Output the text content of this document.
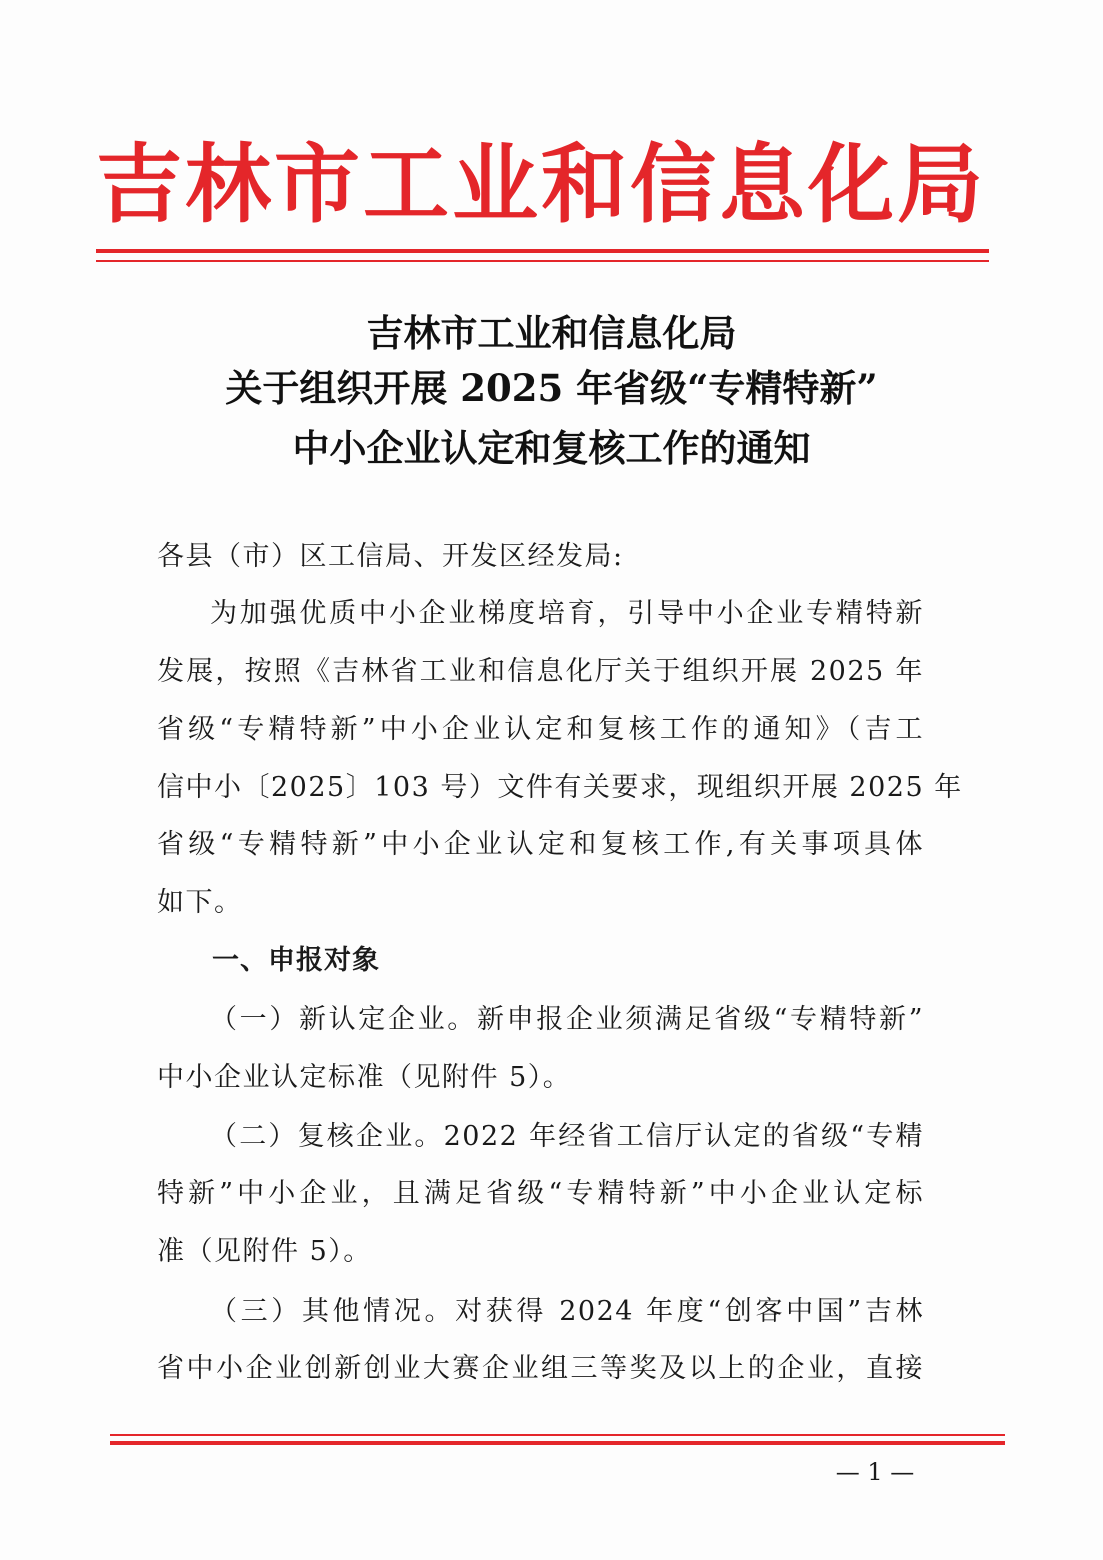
吉林市工业和信息化局
吉林市工业和信息化局
关于组织开展 2025 年省级“专精特新”
中小企业认定和复核工作的通知
各县（市）区工信局、开发区经发局:
为加强优质中小企业梯度培育，引导中小企业专精特新
发展，按照《吉林省工业和信息化厅关于组织开展 2025 年
省级“专精特新”中小企业认定和复核工作的通知》（吉工
信中小〔2025〕103 号）文件有关要求，现组织开展 2025 年
省级“专精特新”中小企业认定和复核工作,有关事项具体
如下。
一、申报对象
（一）新认定企业。新申报企业须满足省级“专精特新”
中小企业认定标准（见附件 5）。
（二）复核企业。2022 年经省工信厅认定的省级“专精
特新”中小企业，且满足省级“专精特新”中小企业认定标
准（见附件 5）。
（三）其他情况。对获得 2024 年度“创客中国”吉林
省中小企业创新创业大赛企业组三等奖及以上的企业，直接
— 1 —
